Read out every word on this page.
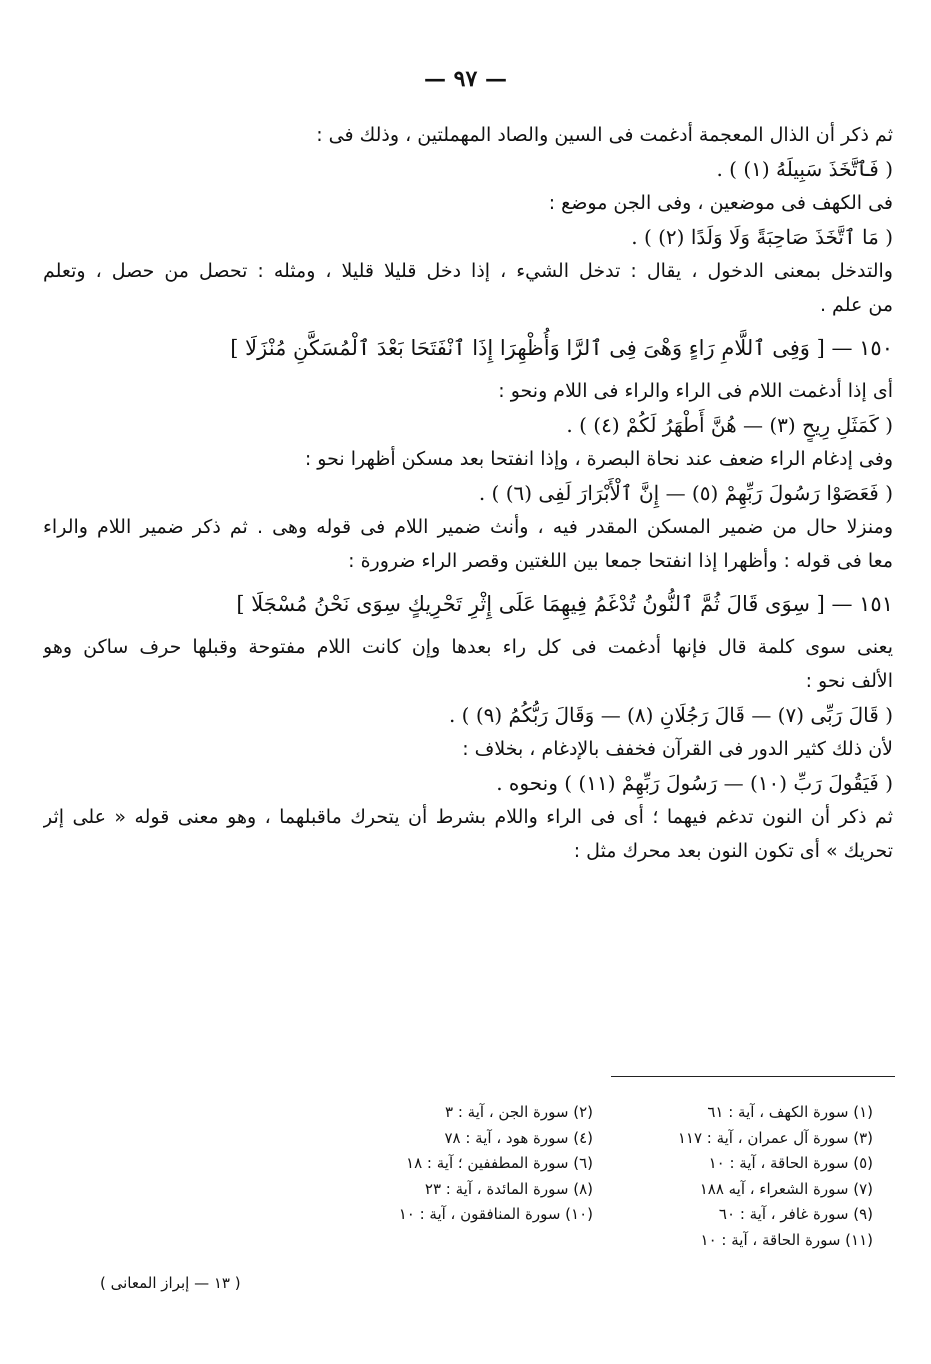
— ٩٧ —
ثم ذكر أن الذال المعجمة أدغمت فى السين والصاد المهملتين ، وذلك فى :
( فَٱتَّخَذَ سَبِيلَهُ (١) ) .
فى الكهف فى موضعين ، وفى الجن موضع :
( مَا ٱتَّخَذَ صَاحِبَةً وَلَا وَلَدًا (٢) ) .
والتدخل بمعنى الدخول ، يقال : تدخل الشيء ، إذا دخل قليلا قليلا ، ومثله : تحصل من حصل ، وتعلم
من علم .
١٥٠ — [ وَفِى ٱللَّامِ رَاءٍ وَهْىَ فِى ٱلرَّا وَأُظْهِرَا إِذَا ٱنْفَتَحَا بَعْدَ ٱلْمُسَكَّنِ مُنْزَلَا ]
أى إذا أدغمت اللام فى الراء والراء فى اللام ونحو :
( كَمَثَلِ رِيحٍ (٣) — هُنَّ أَطْهَرُ لَكُمْ (٤) ) .
وفى إدغام الراء ضعف عند نحاة البصرة ، وإذا انفتحا بعد مسكن أظهرا نحو :
( فَعَصَوْا رَسُولَ رَبِّهِمْ (٥) — إِنَّ ٱلْأَبْرَارَ لَفِى (٦) ) .
ومنزلا حال من ضمير المسكن المقدر فيه ، وأنث ضمير اللام فى قوله وهى . ثم ذكر ضمير اللام والراء
معا فى قوله : وأظهرا إذا انفتحا جمعا بين اللغتين وقصر الراء ضرورة :
١٥١ — [ سِوَى قَالَ ثُمَّ ٱلنُّونُ تُدْغَمُ فِيهِمَا عَلَى إِثْرِ تَحْرِيكٍ سِوَى نَحْنُ مُسْجَلَا ]
يعنى سوى كلمة قال فإنها أدغمت فى كل راء بعدها وإن كانت اللام مفتوحة وقبلها حرف ساكن وهو
الألف نحو :
( قَالَ رَبِّى (٧) — قَالَ رَجُلَانِ (٨) — وَقَالَ رَبُّكُمُ (٩) ) .
لأن ذلك كثير الدور فى القرآن فخفف بالإدغام ، بخلاف :
( فَيَقُولَ رَبِّ (١٠) — رَسُولَ رَبِّهِمْ (١١) ) ونحوه .
ثم ذكر أن النون تدغم فيهما ؛ أى فى الراء واللام بشرط أن يتحرك ماقبلهما ، وهو معنى قوله « على إثر
تحريك » أى تكون النون بعد محرك مثل :
(١) سورة الكهف ، آية : ٦١
(٣) سورة آل عمران ، آية : ١١٧
(٥) سورة الحاقة ، آية : ١٠
(٧) سورة الشعراء ، آيه ١٨٨
(٩) سورة غافر ، آية : ٦٠
(١١) سورة الحاقة ، آية : ١٠
(٢) سورة الجن ، آية : ٣
(٤) سورة هود ، آية : ٧٨
(٦) سورة المطففين ؛ آية : ١٨
(٨) سورة المائدة ، آية : ٢٣
(١٠) سورة المنافقون ، آية : ١٠
( ١٣ — إبراز المعانى )
